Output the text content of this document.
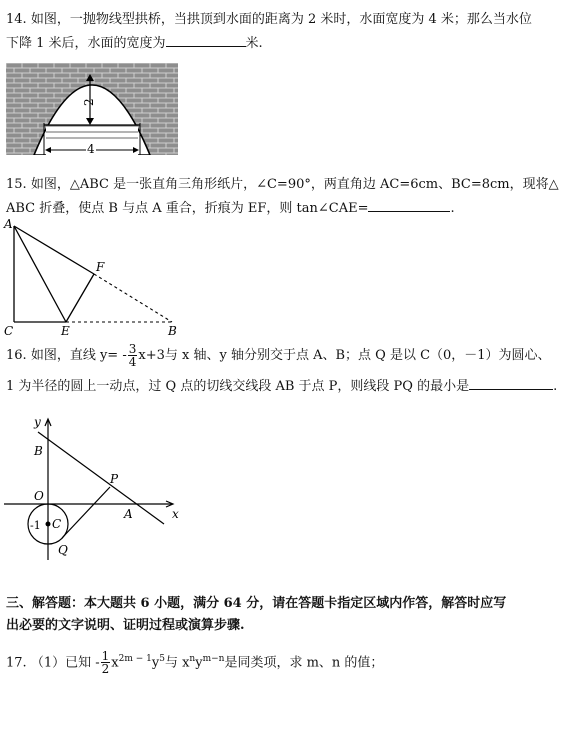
14. 如图，一抛物线型拱桥，当拱顶到水面的距离为 2 米时，水面宽度为 4 米；那么当水位
下降 1 米后，水面的宽度为	米.
2
4
15. 如图，△ABC 是一张直角三角形纸片，∠C=90°，两直角边 AC=6cm、BC=8cm，现将△
ABC 折叠，使点 B 与点 A 重合，折痕为 EF，则 tan∠CAE=	.
A
F
C	E	B
16. 如图，直线 $y= - \frac{3}{4} x+3$与 x 轴、y 轴分别交于点 A、B；点 Q 是以 C（0，－1）为圆心、
1 为半径的圆上一动点，过 Q 点的切线交线段 AB 于点 P，则线段 PQ 的最小是	.
y
B
O
P
A	x
-1 C
Q
三、解答题：本大题共 6 小题，满分 64 分，请在答题卡指定区域内作答，解答时应写
出必要的文字说明、证明过程或演算步骤.
17. （1）已知 - $\frac{1}{2} x^{2m - 1}y^5$与 $x^ny^{m-n}$是同类项，求 m、n 的值；
